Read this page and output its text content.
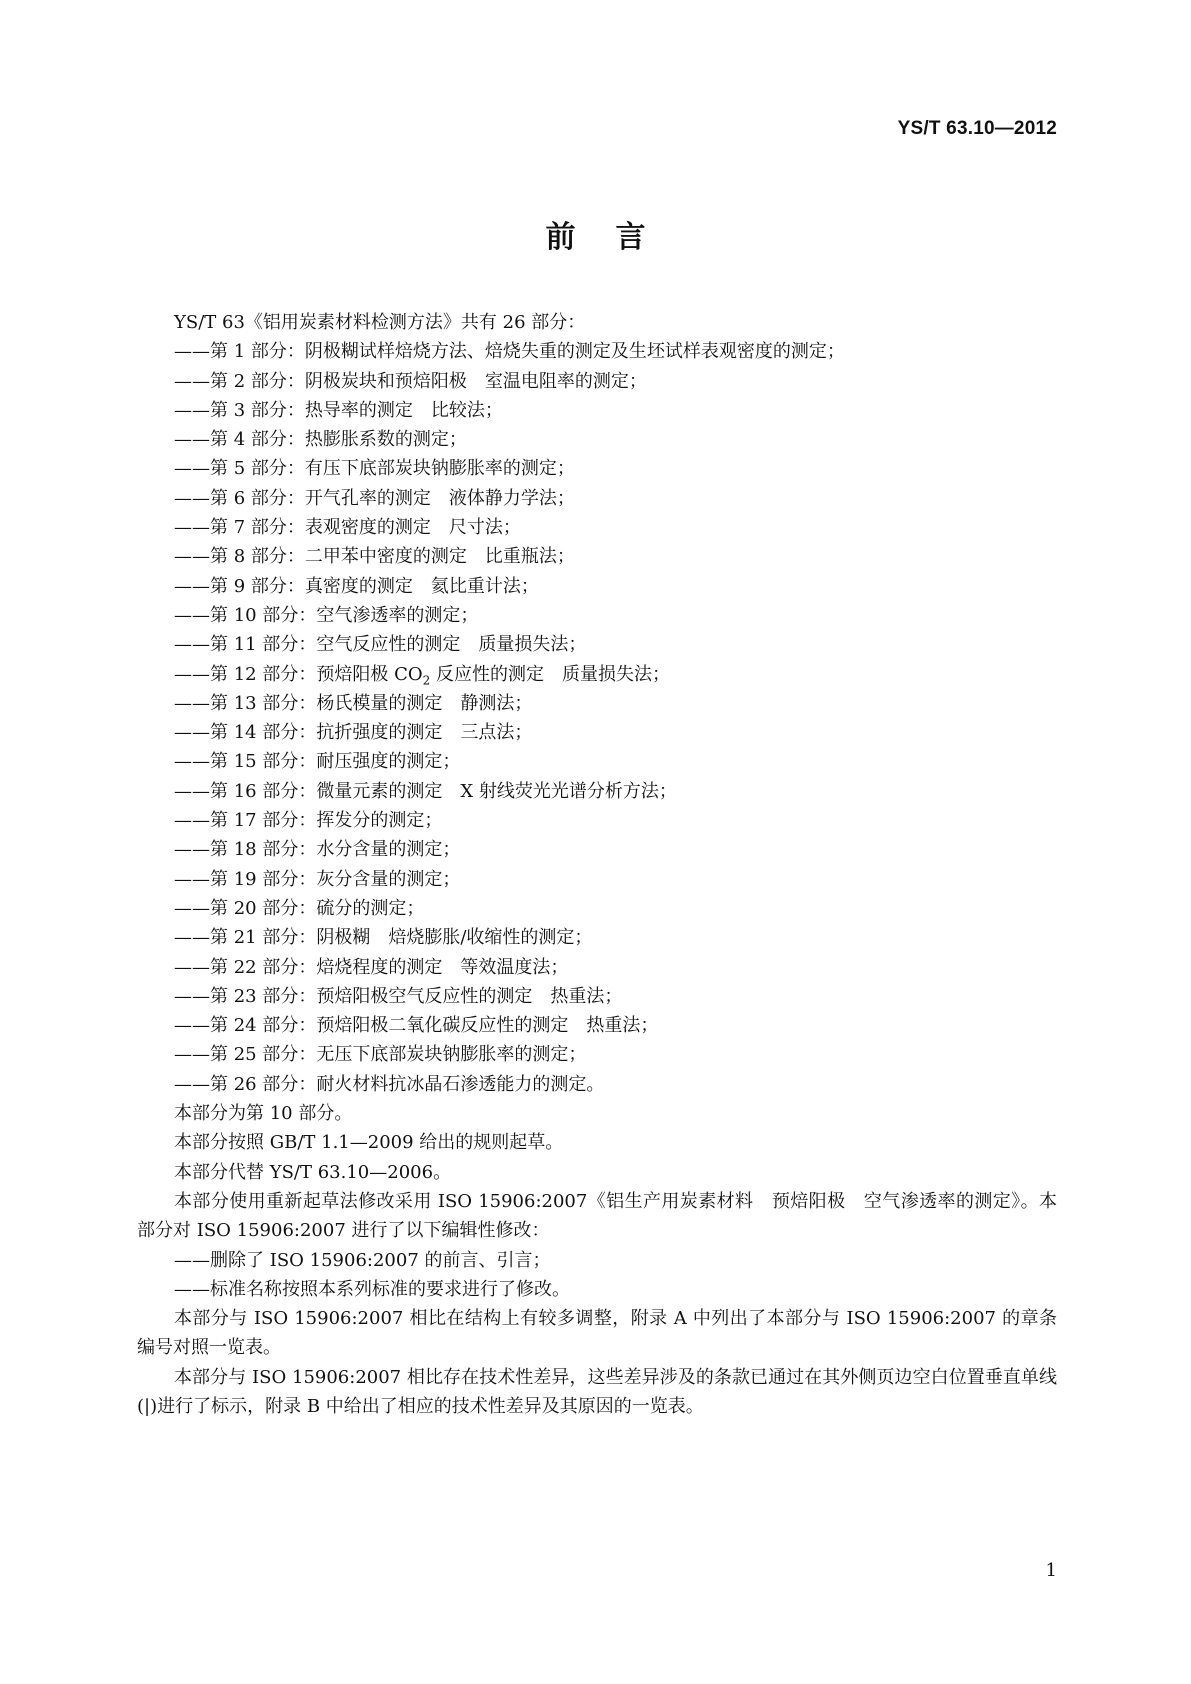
YS/T 63.10—2012
前言

YS/T 63《铝用炭素材料检测方法》共有 26 部分：

——第 1 部分：阴极糊试样焙烧方法、焙烧失重的测定及生坯试样表观密度的测定；

——第 2 部分：阴极炭块和预焙阳极 室温电阻率的测定；

——第 3 部分：热导率的测定 比较法；

——第 4 部分：热膨胀系数的测定；

——第 5 部分：有压下底部炭块钠膨胀率的测定；

——第 6 部分：开气孔率的测定 液体静力学法；

——第 7 部分：表观密度的测定 尺寸法；

——第 8 部分：二甲苯中密度的测定 比重瓶法；

——第 9 部分：真密度的测定 氦比重计法；

——第 10 部分：空气渗透率的测定；

——第 11 部分：空气反应性的测定 质量损失法；

——第 12 部分：预焙阳极 $CO_2$ 反应性的测定 质量损失法；

——第 13 部分：杨氏模量的测定 静测法；

——第 14 部分：抗折强度的测定 三点法；

——第 15 部分：耐压强度的测定；

——第 16 部分：微量元素的测定 X 射线荧光光谱分析方法；

——第 17 部分：挥发分的测定；

——第 18 部分：水分含量的测定；

——第 19 部分：灰分含量的测定；

——第 20 部分：硫分的测定；

——第 21 部分：阴极糊 焙烧膨胀/收缩性的测定；

——第 22 部分：焙烧程度的测定 等效温度法；

——第 23 部分：预焙阳极空气反应性的测定 热重法；

——第 24 部分：预焙阳极二氧化碳反应性的测定 热重法；

——第 25 部分：无压下底部炭块钠膨胀率的测定；

——第 26 部分：耐火材料抗冰晶石渗透能力的测定。

本部分为第 10 部分。

本部分按照 GB/T 1.1—2009 给出的规则起草。

本部分代替 YS/T 63.10—2006。

本部分使用重新起草法修改采用 ISO 15906:2007《铝生产用炭素材料　预焙阳极　空气渗透率的测定》。本部分对 ISO 15906:2007 进行了以下编辑性修改：

——删除了 ISO 15906:2007 的前言、引言；

——标准名称按照本系列标准的要求进行了修改。

本部分与 ISO 15906:2007 相比在结构上有较多调整，附录 A 中列出了本部分与 ISO 15906:2007 的章条编号对照一览表。

本部分与 ISO 15906:2007 相比存在技术性差异，这些差异涉及的条款已通过在其外侧页边空白位置垂直单线(|)进行了标示，附录 B 中给出了相应的技术性差异及其原因的一览表。

1
